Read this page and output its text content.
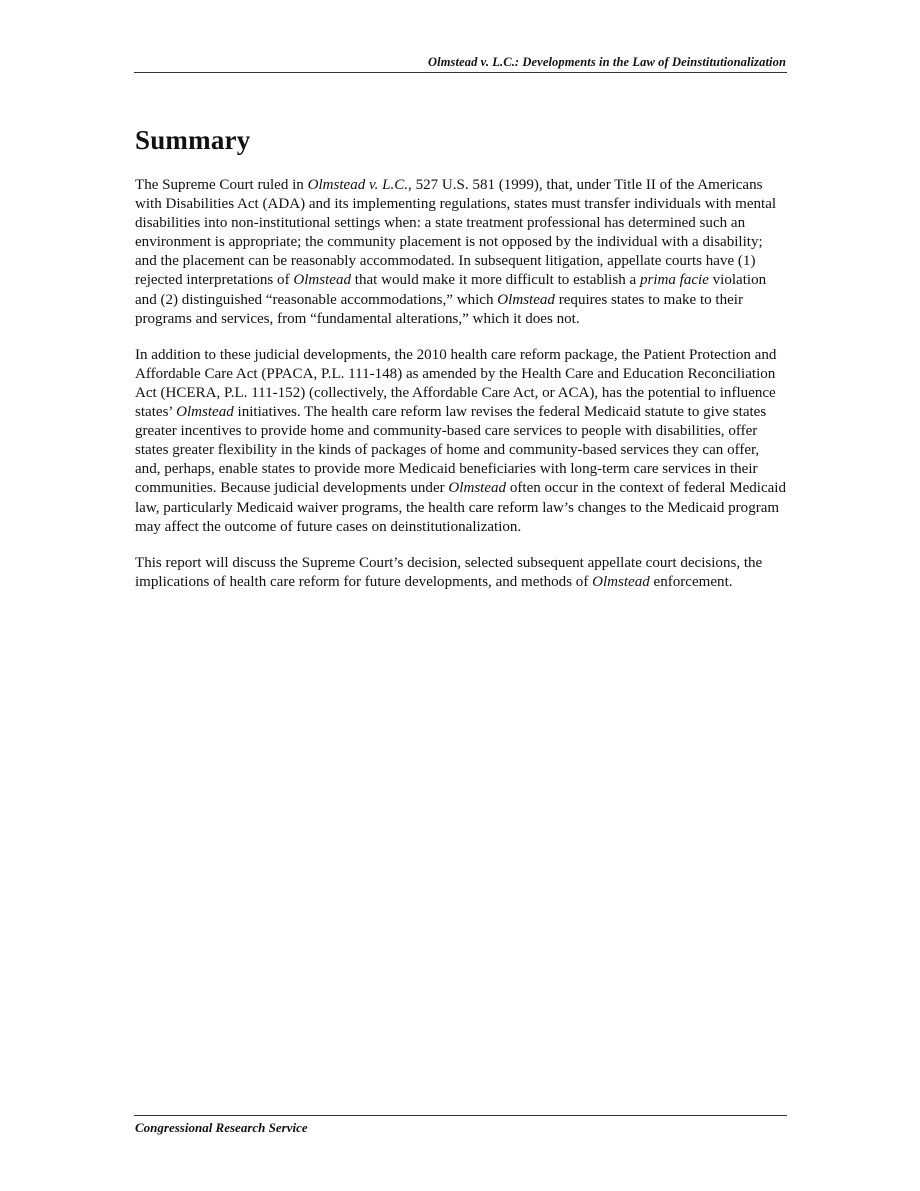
Olmstead v. L.C.: Developments in the Law of Deinstitutionalization
Summary

The Supreme Court ruled in Olmstead v. L.C., 527 U.S. 581 (1999), that, under Title II of the Americans with Disabilities Act (ADA) and its implementing regulations, states must transfer individuals with mental disabilities into non-institutional settings when: a state treatment professional has determined such an environment is appropriate; the community placement is not opposed by the individual with a disability; and the placement can be reasonably accommodated. In subsequent litigation, appellate courts have (1) rejected interpretations of Olmstead that would make it more difficult to establish a prima facie violation and (2) distinguished “reasonable accommodations,” which Olmstead requires states to make to their programs and services, from “fundamental alterations,” which it does not.

In addition to these judicial developments, the 2010 health care reform package, the Patient Protection and Affordable Care Act (PPACA, P.L. 111-148) as amended by the Health Care and Education Reconciliation Act (HCERA, P.L. 111-152) (collectively, the Affordable Care Act, or ACA), has the potential to influence states’ Olmstead initiatives. The health care reform law revises the federal Medicaid statute to give states greater incentives to provide home and community-based care services to people with disabilities, offer states greater flexibility in the kinds of packages of home and community-based services they can offer, and, perhaps, enable states to provide more Medicaid beneficiaries with long-term care services in their communities. Because judicial developments under Olmstead often occur in the context of federal Medicaid law, particularly Medicaid waiver programs, the health care reform law’s changes to the Medicaid program may affect the outcome of future cases on deinstitutionalization.

This report will discuss the Supreme Court’s decision, selected subsequent appellate court decisions, the implications of health care reform for future developments, and methods of Olmstead enforcement.

Congressional Research Service
